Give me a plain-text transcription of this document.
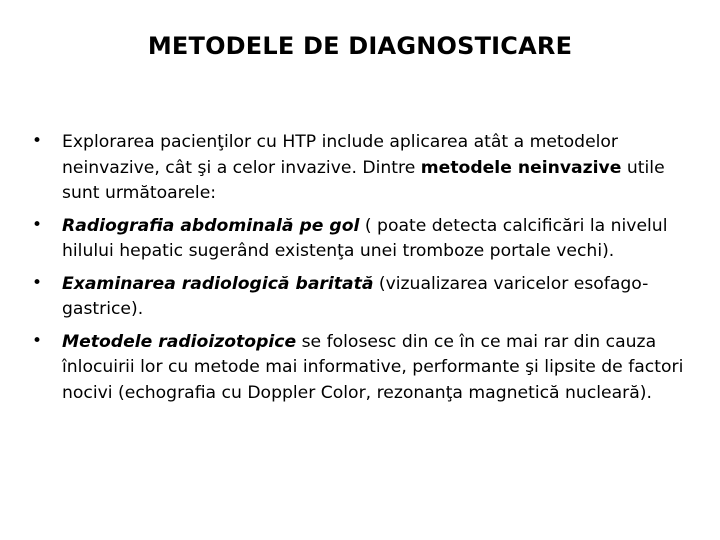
METODELE DE DIAGNOSTICARE
• Explorarea pacienţilor cu HTP include aplicarea atât a metodelor neinvazive, cât şi a celor invazive. Dintre metodele neinvazive utile sunt următoarele:
• Radiografia abdominală pe gol ( poate detecta calcificări la nivelul hilului hepatic sugerând existenţa unei tromboze portale vechi).
• Examinarea radiologică baritată (vizualizarea varicelor esofago-gastrice).
• Metodele radioizotopice se folosesc din ce în ce mai rar din cauza înlocuirii lor cu metode mai informative, performante şi lipsite de factori nocivi (echografia cu Doppler Color, rezonanţa magnetică nucleară).
